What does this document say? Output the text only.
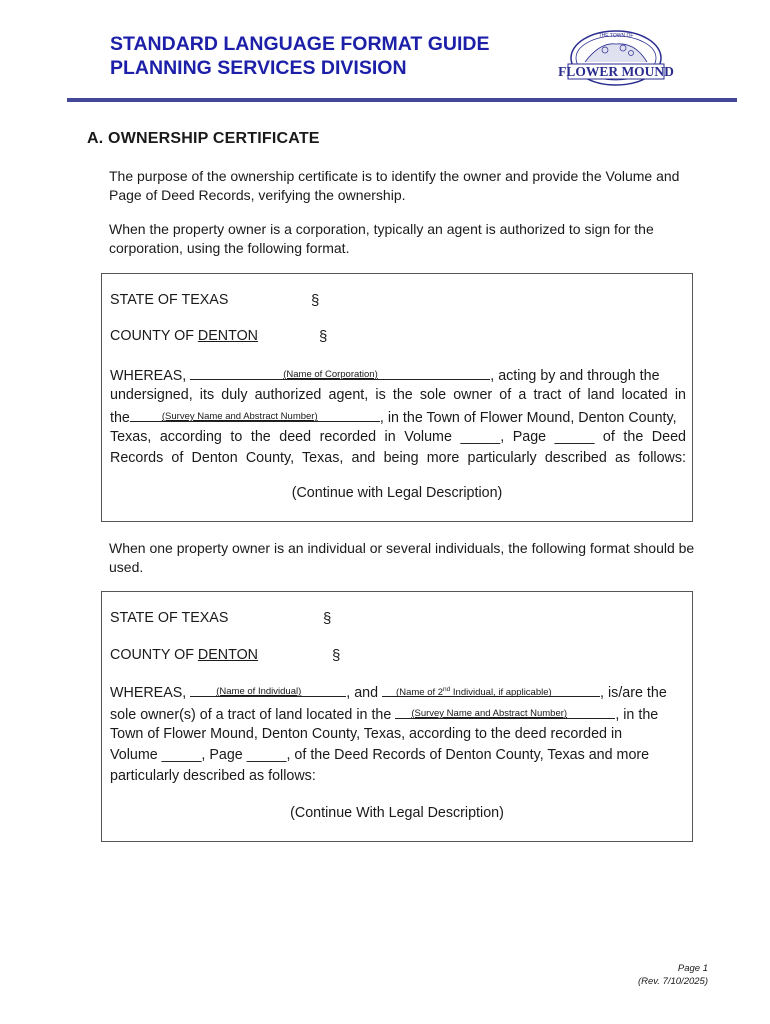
STANDARD LANGUAGE FORMAT GUIDE
PLANNING SERVICES DIVISION	FLOWER MOUND
THE TOWN OF
A. OWNERSHIP CERTIFICATE

The purpose of the ownership certificate is to identify the owner and provide the Volume and Page of Deed Records, verifying the ownership.

When the property owner is a corporation, typically an agent is authorized to sign for the corporation, using the following format.

STATE OF TEXAS	§
COUNTY OF DENTON	§
WHEREAS,	(Name of Corporation)	, acting by and through the
undersigned, its duly authorized agent, is the sole owner of a tract of land located in
the	(Survey Name and Abstract Number)	, in the Town of Flower Mound, Denton County,
Texas, according to the deed recorded in Volume _____, Page _____ of the Deed
Records of Denton County, Texas, and being more particularly described as follows:
(Continue with Legal Description)

When one property owner is an individual or several individuals, the following format should be used.

STATE OF TEXAS	§
COUNTY OF DENTON	§
WHEREAS,	(Name of Individual)	, and (Name of 2nd Individual, if applicable)	, is/are the
sole owner(s) of a tract of land located in the (Survey Name and Abstract Number)	, in the
Town of Flower Mound, Denton County, Texas, according to the deed recorded in
Volume _____, Page _____, of the Deed Records of Denton County, Texas and more
particularly described as follows:
(Continue With Legal Description)
Page 1
(Rev. 7/10/2025)
